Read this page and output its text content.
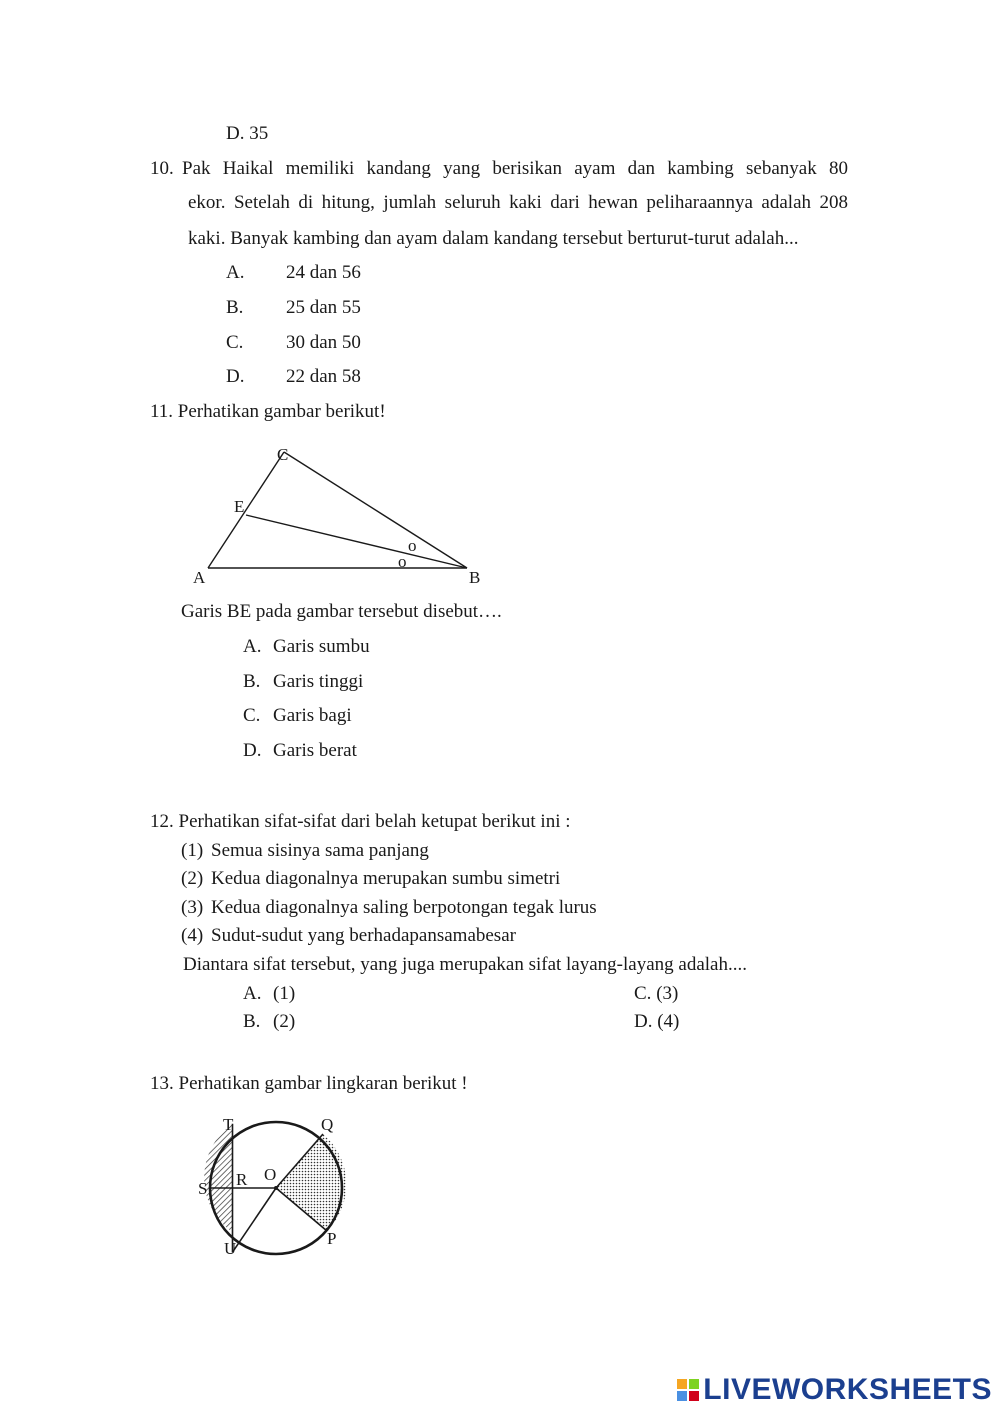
D. 35
10. Pak Haikal memiliki kandang yang berisikan ayam dan kambing sebanyak 80
ekor. Setelah di hitung, jumlah seluruh kaki dari hewan peliharaannya adalah 208
kaki. Banyak kambing dan ayam dalam kandang tersebut berturut-turut adalah...
A. 24 dan 56
B. 25 dan 55
C. 30 dan 50
D. 22 dan 58
11. Perhatikan gambar berikut!
C
E
A	B
o
o
Garis BE pada gambar tersebut disebut….
A. Garis sumbu
B. Garis tinggi
C. Garis bagi
D. Garis berat
12. Perhatikan sifat-sifat dari belah ketupat berikut ini :
(1) Semua sisinya sama panjang
(2) Kedua diagonalnya merupakan sumbu simetri
(3) Kedua diagonalnya saling berpotongan tegak lurus
(4) Sudut-sudut yang berhadapansamabesar
Diantara sifat tersebut, yang juga merupakan sifat layang-layang adalah....
A. (1)
B. (2)
C. (3)
D. (4)
13. Perhatikan gambar lingkaran berikut !
T	Q
S R O
U
P
LIVEWORKSHEETS
